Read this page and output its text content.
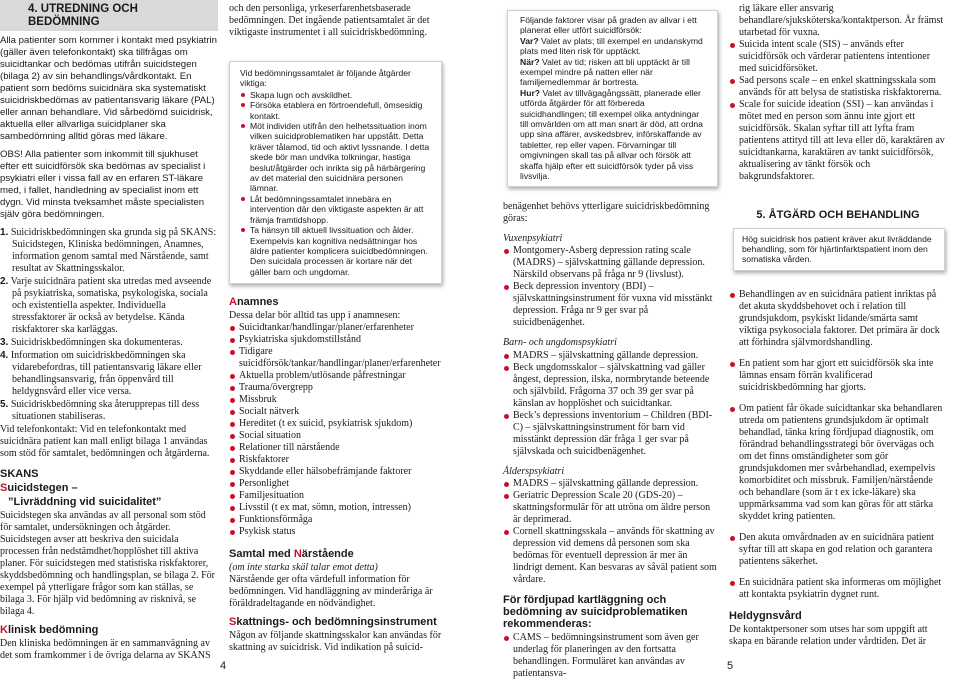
4. UTREDNING OCH BEDÖMNING

Alla patienter som kommer i kontakt med psykiatrin (gäller även telefonkontakt) ska tillfrågas om suicidtankar och bedömas utifrån suicidstegen (bilaga 2) av sin behandlings/vårdkontakt. En patient som bedöms suicidnära ska systematiskt suicidriskbedömas av patientansvarig läkare (PAL) eller annan behandlare. Vid sårbedömd suicidrisk, aktuella eller allvarliga suicidplaner ska sambedömning alltid göras med läkare.

OBS! Alla patienter som inkommit till sjukhuset efter ett suicidförsök ska bedömas av specialist i psykiatri eller i vissa fall av en erfaren ST-läkare med, i fallet, handledning av specialist inom ett dygn. Vid minsta tveksamhet måste specialisten själv göra bedömningen.

1. Suicidriskbedömningen ska grunda sig på SKANS: Suicidstegen, Kliniska bedömningen, Anamnes, information genom samtal med Närstående, samt resultat av Skattningsskalor.
2. Varje suicidnära patient ska utredas med avseende på psykiatriska, somatiska, psykologiska, sociala och existentiella aspekter. Individuella stressfaktorer är också av betydelse. Kända riskfaktorer ska karläggas.
3. Suicidriskbedömningen ska dokumenteras.
4. Information om suicidriskbedömningen ska vidarebefordras, till patientansvarig läkare eller behandlingsansvarig, från öppenvård till heldygnsvård eller vice versa.
5. Suicidriskbedömning ska återupprepas till dess situationen stabiliseras.

Vid telefonkontakt: Vid en telefonkontakt med suicidnära patient kan mall enligt bilaga 1 användas som stöd för samtalet, bedömningen och åtgärderna.

SKANS
Suicidstegen –
”Livräddning vid suicidalitet”

Suicidstegen ska användas av all personal som stöd för samtalet, undersökningen och åtgärder. Suicidstegen avser att beskriva den suicidala processen från nedstämdhet/hopplöshet till aktiva planer. För suicidstegen med statistiska riskfaktorer, skyddsbedömning och handlingsplan, se bilaga 2. För exempel på ytterligare frågor som kan ställas, se bilaga 3. För hjälp vid bedömning av risknivå, se bilaga 4.

Klinisk bedömning

Den kliniska bedömningen är en sammanvägning av det som framkommer i de övriga delarna av SKANS

och den personliga, yrkeserfarenhetsbaserade bedömningen. Det ingående patientsamtalet är det viktigaste instrumentet i all suicidriskbedömning.

Vid bedömningssamtalet är följande åtgärder viktiga:
Skapa lugn och avskildhet.
Försöka etablera en förtroendefull, ömsesidig kontakt.
Möt individen utifrån den helhetssituation inom vilken suicidproblematiken har uppstått. Detta kräver tålamod, tid och aktivt lyssnande. I detta skede bör man undvika tolkningar, hastiga beslut/åtgärder och inrikta sig på härbärgering av det material den suicidnära personen lämnar.
Låt bedömningssamtalet innebära en intervention där den viktigaste aspekten är att främja framtidshopp.
Ta hänsyn till aktuell livssituation och ålder. Exempelvis kan kognitiva nedsättningar hos äldre patienter komplicera suicidbedömningen. Den suicidala processen är kortare när det gäller barn och ungdomar.
Anamnes
Dessa delar bör alltid tas upp i anamnesen:
Suicidtankar/handlingar/planer/erfarenheter
Psykiatriska sjukdomstillstånd
Tidigare suicidförsök/tankar/handlingar/planer/erfarenheter
Aktuella problem/utlösande påfrestningar
Trauma/övergrepp
Missbruk
Socialt nätverk
Hereditet (t ex suicid, psykiatrisk sjukdom)
Social situation
Relationer till närstående
Riskfaktorer
Skyddande eller hälsobefrämjande faktorer
Personlighet
Familjesituation
Livsstil (t ex mat, sömn, motion, intressen)
Funktionsförmåga
Psykisk status
Samtal med Närstående
(om inte starka skäl talar emot detta)

Närstående ger ofta värdefull information för bedömningen. Vid handläggning av minderåriga är föräldradeltagande en nödvändighet.

Skattnings- och bedömningsinstrument

Någon av följande skattningsskalor kan användas för skattning av suicidrisk. Vid indikation på suicid-

Följande faktorer visar på graden av allvar i ett planerat eller utfört suicidförsök:
Var? Valet av plats; till exempel en undanskymd plats med liten risk för upptäckt.
När? Valet av tid; risken att bli upptäckt är till exempel mindre på natten eller när familjemedlemmar är bortresta.
Hur? Valet av tillvägagångssätt, planerade eller utförda åtgärder för att förbereda suicidhandlingen; till exempel olika antydningar till omvärlden om att man snart är död, att ordna upp sina affärer, avskedsbrev, införskaffande av tabletter, rep eller vapen. Förvarningar till omgivningen skall tas på allvar och försök att skaffa hjälp efter ett suicidförsök tyder på viss livsvilja.

benägenhet behövs ytterligare suicidriskbedömning göras:

Vuxenpsykiatri
Montgomery-Asberg depression rating scale (MADRS) – självskattning gällande depression. Närskild observans på fråga nr 9 (livslust).
Beck depression inventory (BDI) – självskattningsinstrument för vuxna vid misstänkt depression. Fråga nr 9 ger svar på suicidbenägenhet.
Barn- och ungdomspsykiatri
MADRS – självskattning gällande depression.
Beck ungdomsskalor – självskattning vad gäller ångest, depression, ilska, normbrytande beteende och självbild. Frågorna 37 och 39 ger svar på känslan av hopplöshet och suicidtankar.
Beck’s depressions inventorium – Children (BDI-C) – självskattningsinstrument för barn vid misstänkt depression där fråga 1 ger svar på självskada och suicidbenägenhet.
Ålderspsykiatri
MADRS – självskattning gällande depression.
Geriatric Depression Scale 20 (GDS-20) – skattningsformulär för att utröna om äldre person är deprimerad.
Cornell skattningsskala – används för skattning av depression vid demens då personen som ska bedömas för eventuell depression är mer än lindrigt dement. Kan besvaras av såväl patient som vårdare.
För fördjupad kartläggning och bedömning av suicidproblematiken rekommenderas:
CAMS – bedömningsinstrument som även ger underlag för planeringen av den fortsatta behandlingen. Formuläret kan användas av patientansva-

rig läkare eller ansvarig behandlare/sjuksköterska/kontaktperson. Är främst utarbetad för vuxna.

Suicida intent scale (SIS) – används efter suicidförsök och värderar patientens intentioner med suicidförsöket.
Sad persons scale – en enkel skattningsskala som används för att belysa de statistiska riskfaktorerna.
Scale for suicide ideation (SSI) – kan användas i mötet med en person som ännu inte gjort ett suicidförsök. Skalan syftar till att lyfta fram patientens attityd till att leva eller dö, karaktären av suicidtankarna, karaktären av tankt suicidförsök, aktualisering av tänkt försök och bakgrundsfaktorer.
5. ÅTGÄRD OCH BEHANDLING
Hög suicidrisk hos patient kräver akut livräddande behandling, som för hjärtinfarktspatient inom den somatiska vården.
Behandlingen av en suicidnära patient inriktas på det akuta skyddsbehovet och i relation till grundsjukdom, psykiskt lidande/smärta samt viktiga psykosociala faktorer. Det primära är dock att förhindra självmordshandling.
En patient som har gjort ett suicidförsök ska inte lämnas ensam förrän kvalificerad suicidriskbedömning har gjorts.
Om patient får ökade suicidtankar ska behandlaren utreda om patientens grundsjukdom är optimalt behandlad, tänka kring fördjupad diagnostik, om förändrad behandlingsstrategi bör övervägas och om det finns omständigheter som gör grundsjukdomen mer svårbehandlad, exempelvis komorbiditet och missbruk. Familjen/närstående och behandlare (som är t ex icke-läkare) ska uppmärksamma vad som kan göras för att stärka skyddet kring patienten.
Den akuta omvårdnaden av en suicidnära patient syftar till att skapa en god relation och garantera patientens säkerhet.
En suicidnära patient ska informeras om möjlighet att kontakta psykiatrin dygnet runt.
Heldygnsvård

De kontaktpersoner som utses har som uppgift att skapa en bärande relation under vårdtiden. Det är

4	5
